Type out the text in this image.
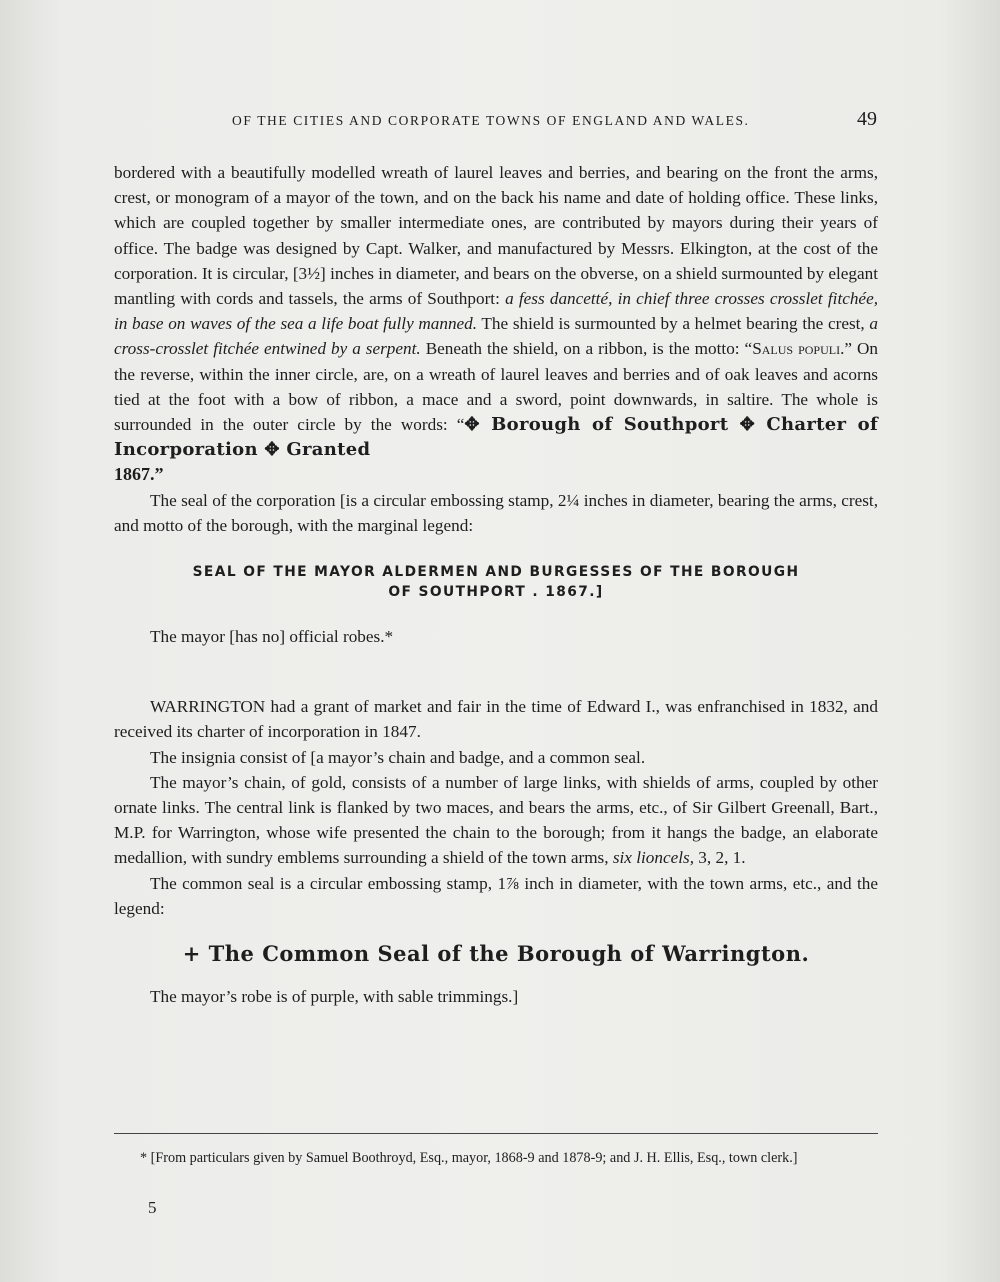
OF THE CITIES AND CORPORATE TOWNS OF ENGLAND AND WALES.	49

bordered with a beautifully modelled wreath of laurel leaves and berries, and bearing on the front the arms, crest, or monogram of a mayor of the town, and on the back his name and date of holding office. These links, which are coupled together by smaller intermediate ones, are contributed by mayors during their years of office. The badge was designed by Capt. Walker, and manufactured by Messrs. Elkington, at the cost of the corporation. It is circular, [3½] inches in diameter, and bears on the obverse, on a shield surmounted by elegant mantling with cords and tassels, the arms of Southport: a fess dancetté, in chief three crosses crosslet fitchée, in base on waves of the sea a life boat fully manned. The shield is surmounted by a helmet bearing the crest, a cross-crosslet fitchée entwined by a serpent. Beneath the shield, on a ribbon, is the motto: “Salus populi.” On the reverse, within the inner circle, are, on a wreath of laurel leaves and berries and of oak leaves and acorns tied at the foot with a bow of ribbon, a mace and a sword, point downwards, in saltire. The whole is surrounded in the outer circle by the words: “✥ Borough of Southport ✥ Charter of Incorporation ✥ Granted
1867.”

The seal of the corporation [is a circular embossing stamp, 2¼ inches in diameter, bearing the arms, crest, and motto of the borough, with the marginal legend:

SEAL OF THE MAYOR ALDERMEN AND BURGESSES OF THE BOROUGH
OF SOUTHPORT . 1867.]

The mayor [has no] official robes.*

WARRINGTON had a grant of market and fair in the time of Edward I., was enfranchised in 1832, and received its charter of incorporation in 1847.

The insignia consist of [a mayor’s chain and badge, and a common seal.

The mayor’s chain, of gold, consists of a number of large links, with shields of arms, coupled by other ornate links. The central link is flanked by two maces, and bears the arms, etc., of Sir Gilbert Greenall, Bart., M.P. for Warrington, whose wife presented the chain to the borough; from it hangs the badge, an elaborate medallion, with sundry emblems surrounding a shield of the town arms, six lioncels, 3, 2, 1.

The common seal is a circular embossing stamp, 1⅞ inch in diameter, with the town arms, etc., and the legend:

+ The Common Seal of the Borough of Warrington.

The mayor’s robe is of purple, with sable trimmings.]

* [From particulars given by Samuel Boothroyd, Esq., mayor, 1868-9 and 1878-9; and J. H. Ellis, Esq., town clerk.]

5
